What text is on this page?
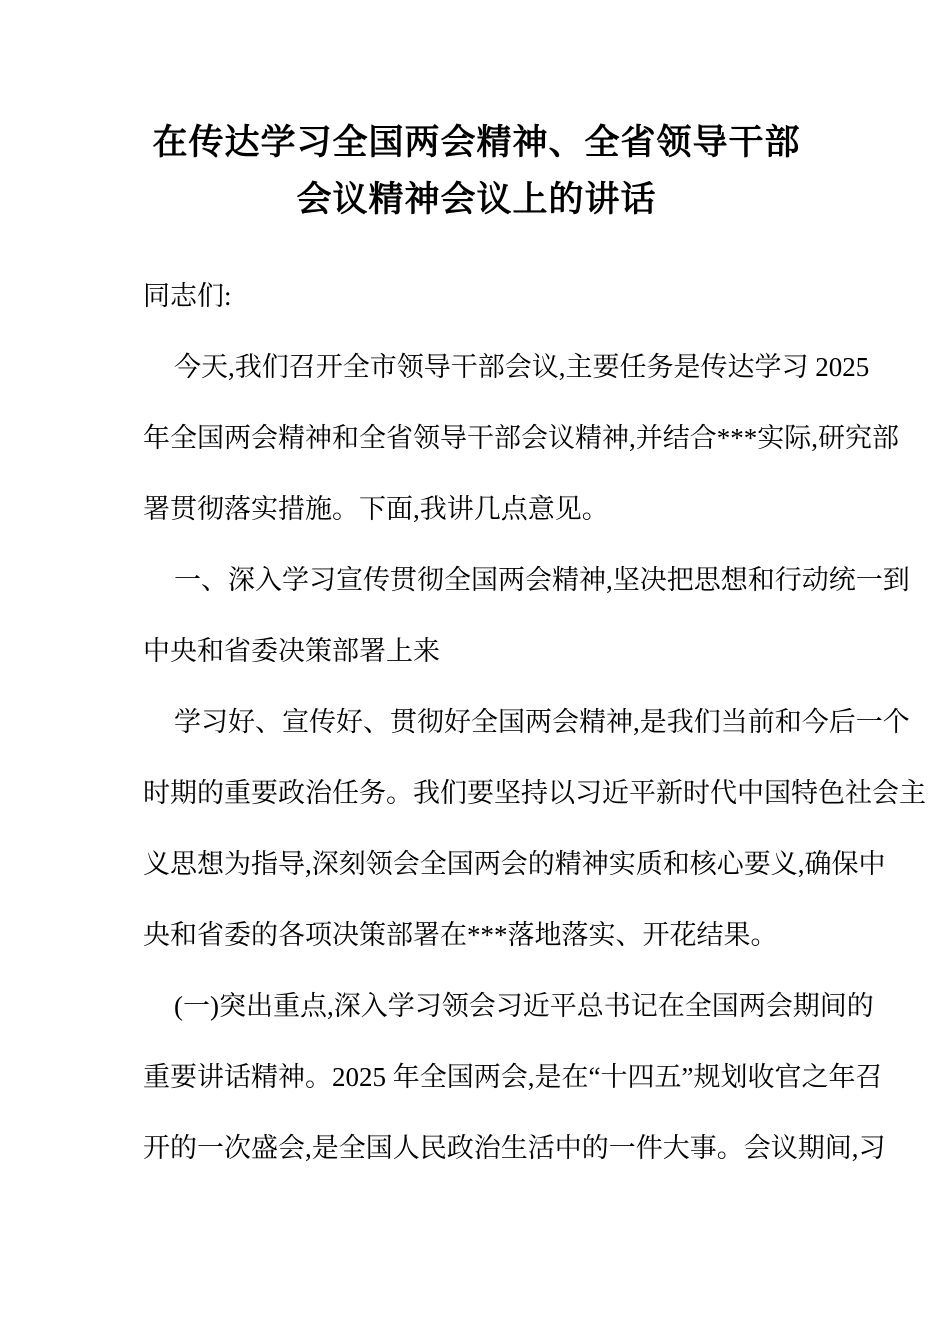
在传达学习全国两会精神、全省领导干部
会议精神会议上的讲话
同志们:
今天,我们召开全市领导干部会议,主要任务是传达学习 2025
年全国两会精神和全省领导干部会议精神,并结合***实际,研究部
署贯彻落实措施。下面,我讲几点意见。
一、深入学习宣传贯彻全国两会精神,坚决把思想和行动统一到
中央和省委决策部署上来
学习好、宣传好、贯彻好全国两会精神,是我们当前和今后一个
时期的重要政治任务。我们要坚持以习近平新时代中国特色社会主
义思想为指导,深刻领会全国两会的精神实质和核心要义,确保中
央和省委的各项决策部署在***落地落实、开花结果。
(一)突出重点,深入学习领会习近平总书记在全国两会期间的
重要讲话精神。2025 年全国两会,是在“十四五”规划收官之年召
开的一次盛会,是全国人民政治生活中的一件大事。会议期间,习
